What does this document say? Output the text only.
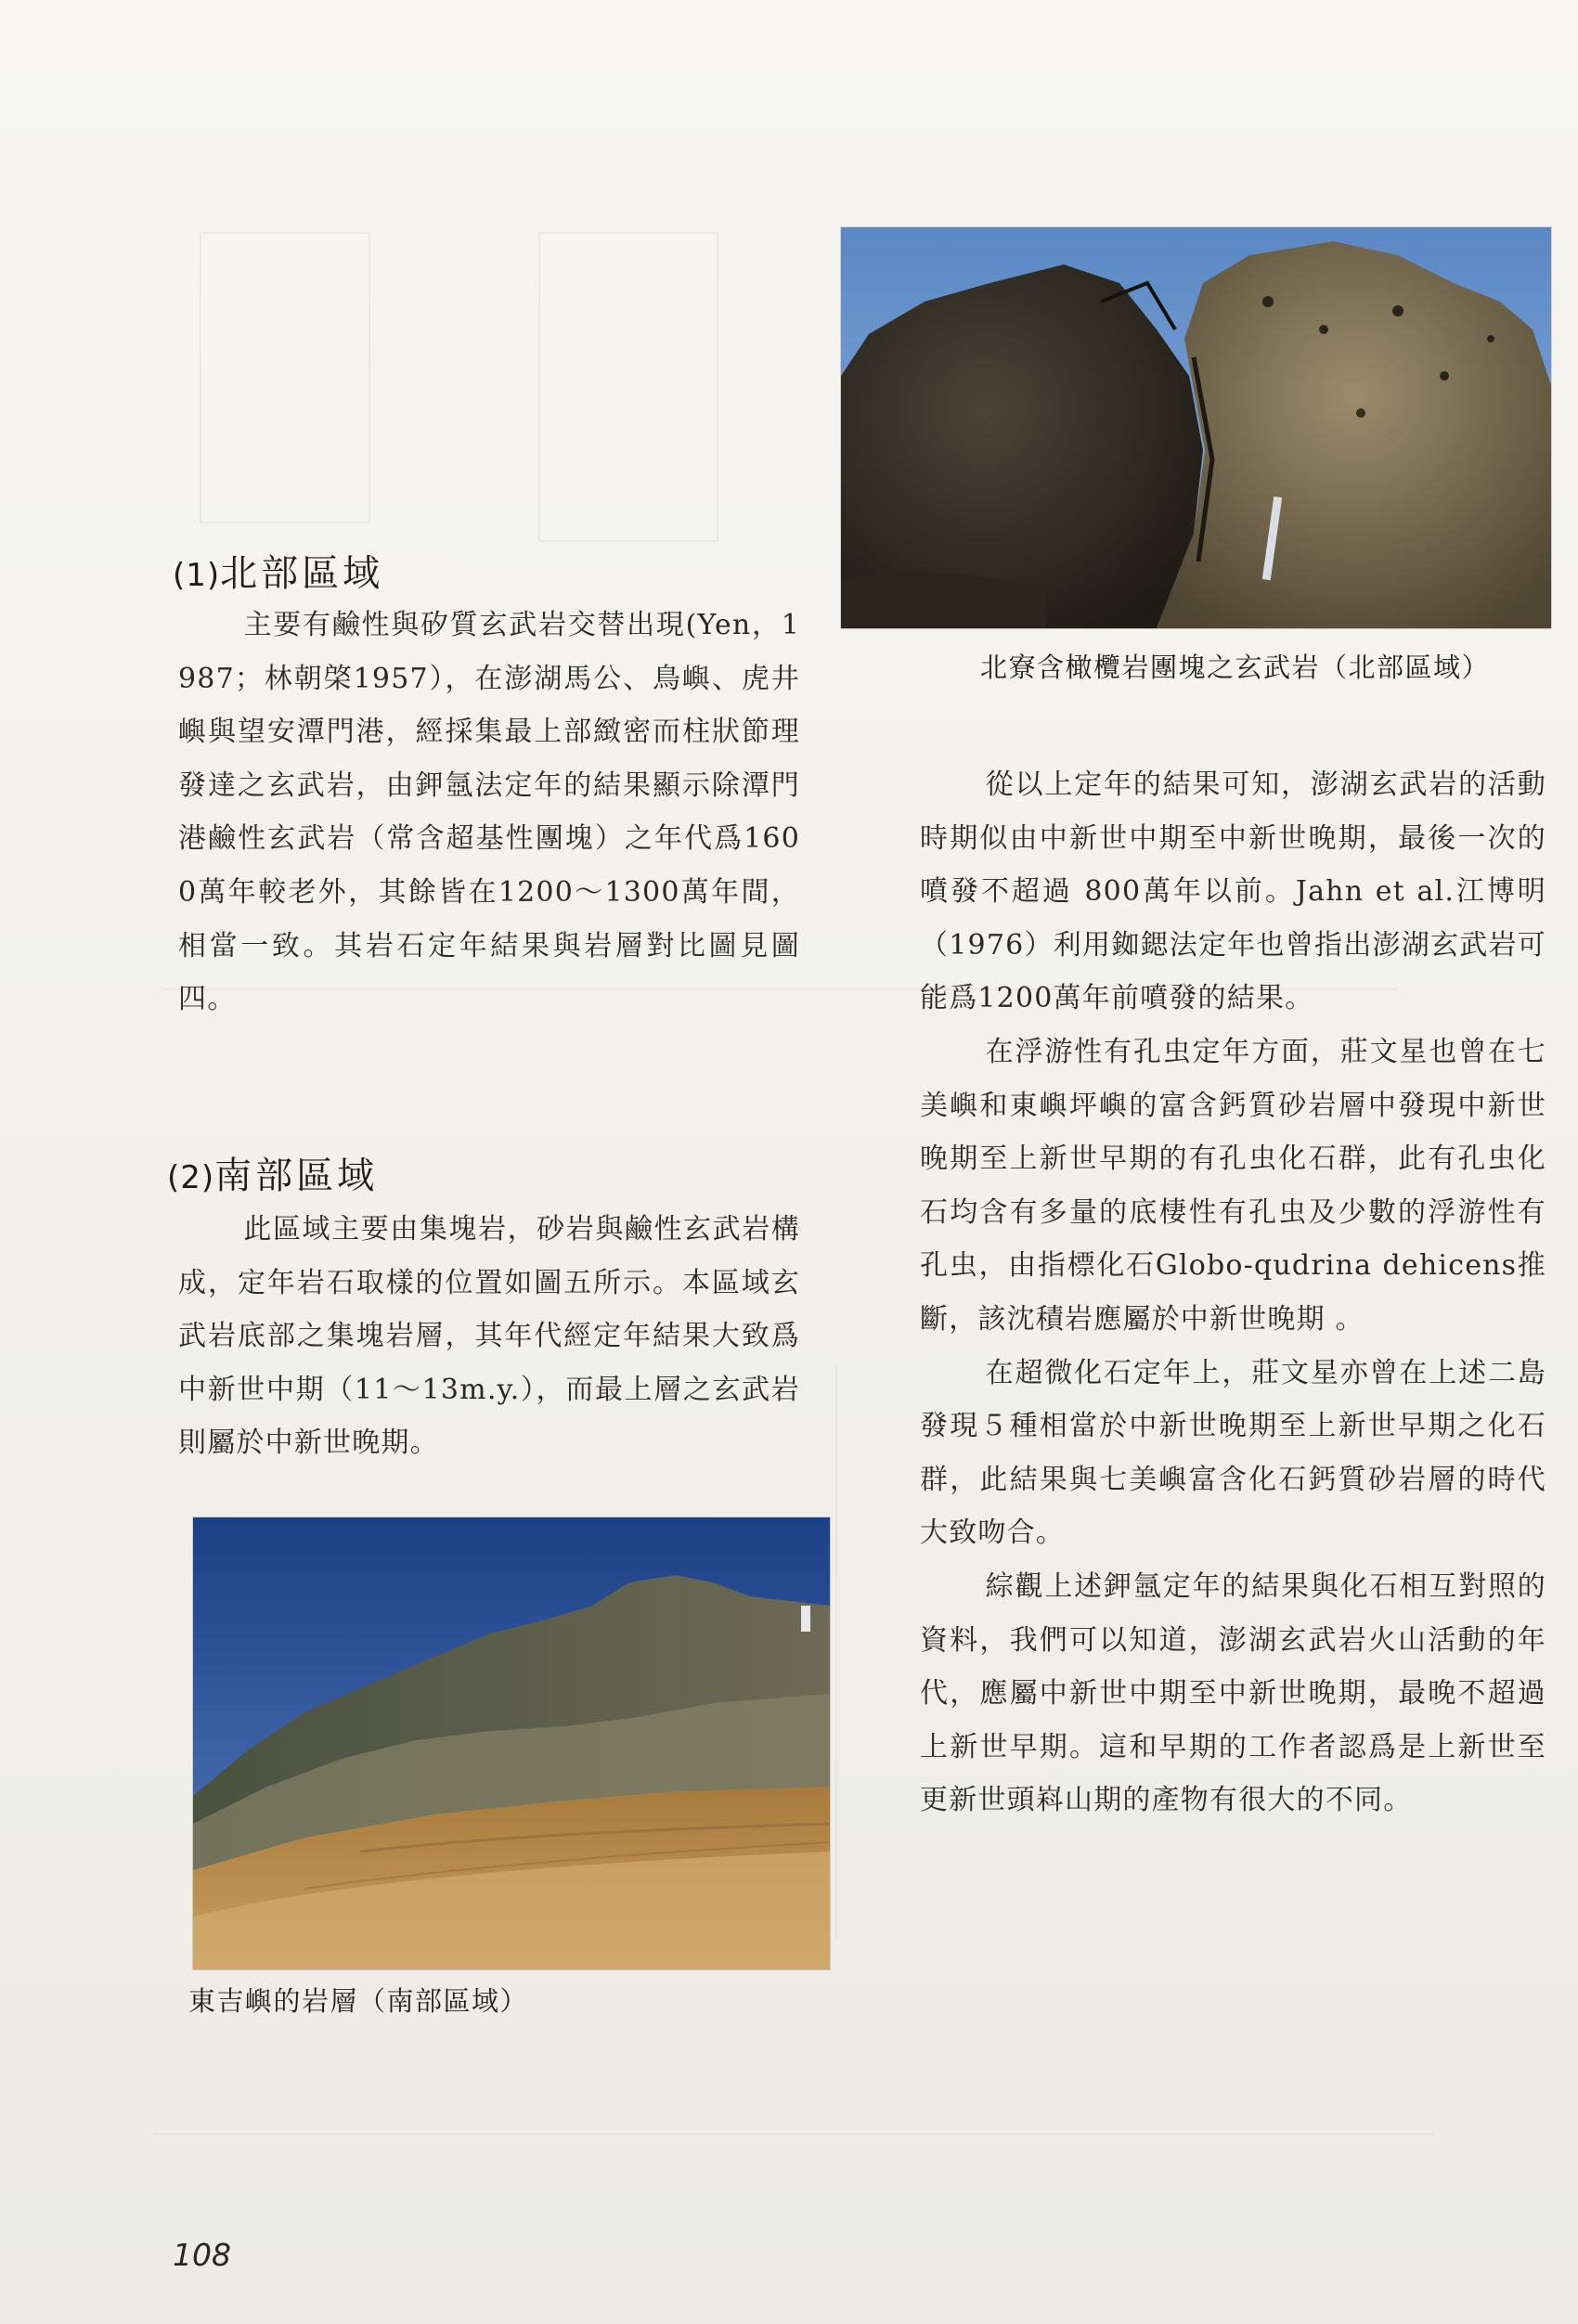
(1)北部區域

主要有鹼性與矽質玄武岩交替出現(Yen，1987；林朝棨1957），在澎湖馬公、鳥嶼、虎井嶼與望安潭門港，經採集最上部緻密而柱狀節理發達之玄武岩，由鉀氬法定年的結果顯示除潭門港鹼性玄武岩（常含超基性團塊）之年代爲1600萬年較老外，其餘皆在1200～1300萬年間，相當一致。其岩石定年結果與岩層對比圖見圖四。

(2)南部區域

此區域主要由集塊岩，砂岩與鹼性玄武岩構成，定年岩石取樣的位置如圖五所示。本區域玄武岩底部之集塊岩層，其年代經定年結果大致爲中新世中期（11～13m.y.），而最上層之玄武岩則屬於中新世晚期。

東吉嶼的岩層（南部區域）

北寮含橄欖岩團塊之玄武岩（北部區域）

從以上定年的結果可知，澎湖玄武岩的活動時期似由中新世中期至中新世晚期，最後一次的噴發不超過 800萬年以前。Jahn et al.江博明（1976）利用銣鍶法定年也曾指出澎湖玄武岩可能爲1200萬年前噴發的結果。

在浮游性有孔虫定年方面，莊文星也曾在七美嶼和東嶼坪嶼的富含鈣質砂岩層中發現中新世晚期至上新世早期的有孔虫化石群，此有孔虫化石均含有多量的底棲性有孔虫及少數的浮游性有孔虫，由指標化石Globo-qudrina dehicens推斷，該沈積岩應屬於中新世晚期 。

在超微化石定年上，莊文星亦曾在上述二島發現５種相當於中新世晚期至上新世早期之化石群，此結果與七美嶼富含化石鈣質砂岩層的時代大致吻合。

綜觀上述鉀氬定年的結果與化石相互對照的資料，我們可以知道，澎湖玄武岩火山活動的年代，應屬中新世中期至中新世晚期，最晚不超過上新世早期。這和早期的工作者認爲是上新世至更新世頭嵙山期的產物有很大的不同。

108
